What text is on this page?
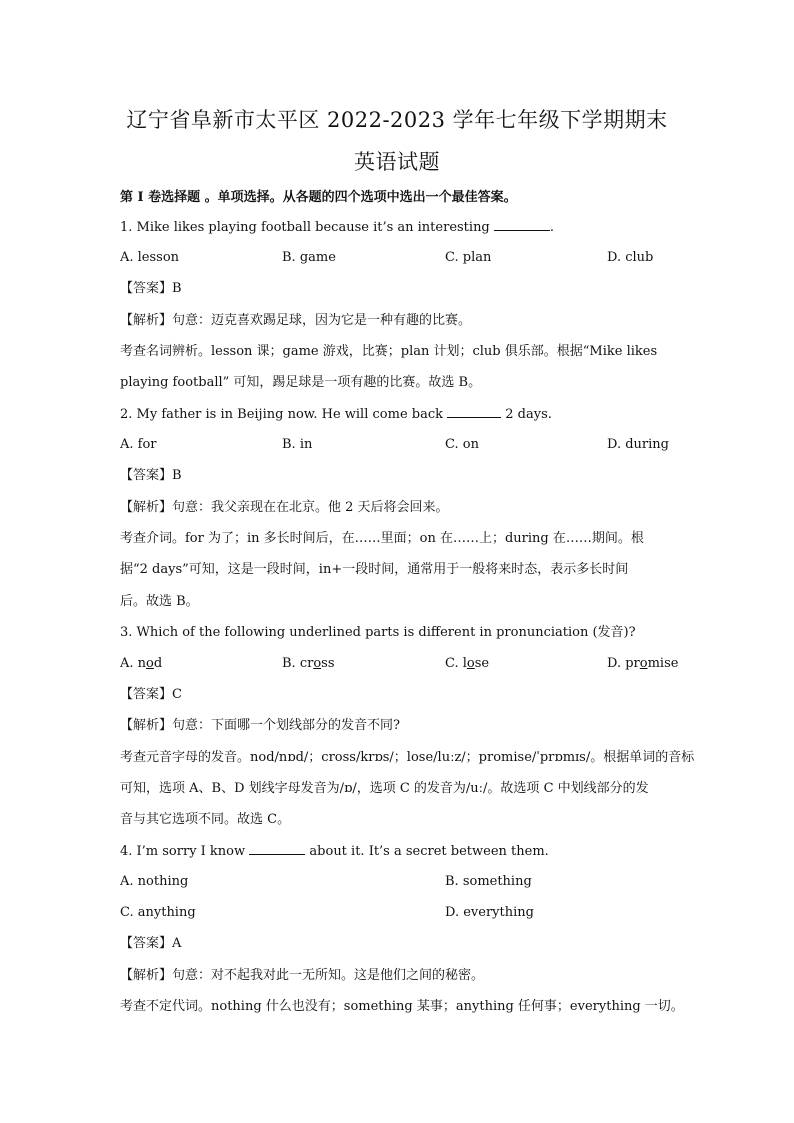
辽宁省阜新市太平区 2022-2023 学年七年级下学期期末
英语试题
第 I 卷选择题 。单项选择。从各题的四个选项中选出一个最佳答案。
1. Mike likes playing football because it’s an interesting	.
A. lesson	B. game	C. plan	D. club
【答案】B
【解析】句意：迈克喜欢踢足球，因为它是一种有趣的比赛。
考查名词辨析。lesson 课；game 游戏，比赛；plan 计划；club 俱乐部。根据“Mike likes
playing football” 可知，踢足球是一项有趣的比赛。故选 B。
2. My father is in Beijing now. He will come back	2 days.
A. for	B. in	C. on	D. during
【答案】B
【解析】句意：我父亲现在在北京。他 2 天后将会回来。
考查介词。for 为了；in 多长时间后，在……里面；on 在……上；during 在……期间。根
据“2 days”可知，这是一段时间，in+一段时间，通常用于一般将来时态，表示多长时间
后。故选 B。
3. Which of the following underlined parts is different in pronunciation (发音)?
A. nod	B. cross	C. lose	D. promise
【答案】C
【解析】句意：下面哪一个划线部分的发音不同?
考查元音字母的发音。nod/nɒd/；cross/krɒs/；lose/luːz/；promise/ˈprɒmɪs/。根据单词的音标
可知，选项 A、B、D 划线字母发音为/ɒ/，选项 C 的发音为/uː/。故选项 C 中划线部分的发
音与其它选项不同。故选 C。
4. I’m sorry I know	about it. It’s a secret between them.
A. nothing	B. something
C. anything	D. everything
【答案】A
【解析】句意：对不起我对此一无所知。这是他们之间的秘密。
考查不定代词。nothing 什么也没有；something 某事；anything 任何事；everything 一切。
